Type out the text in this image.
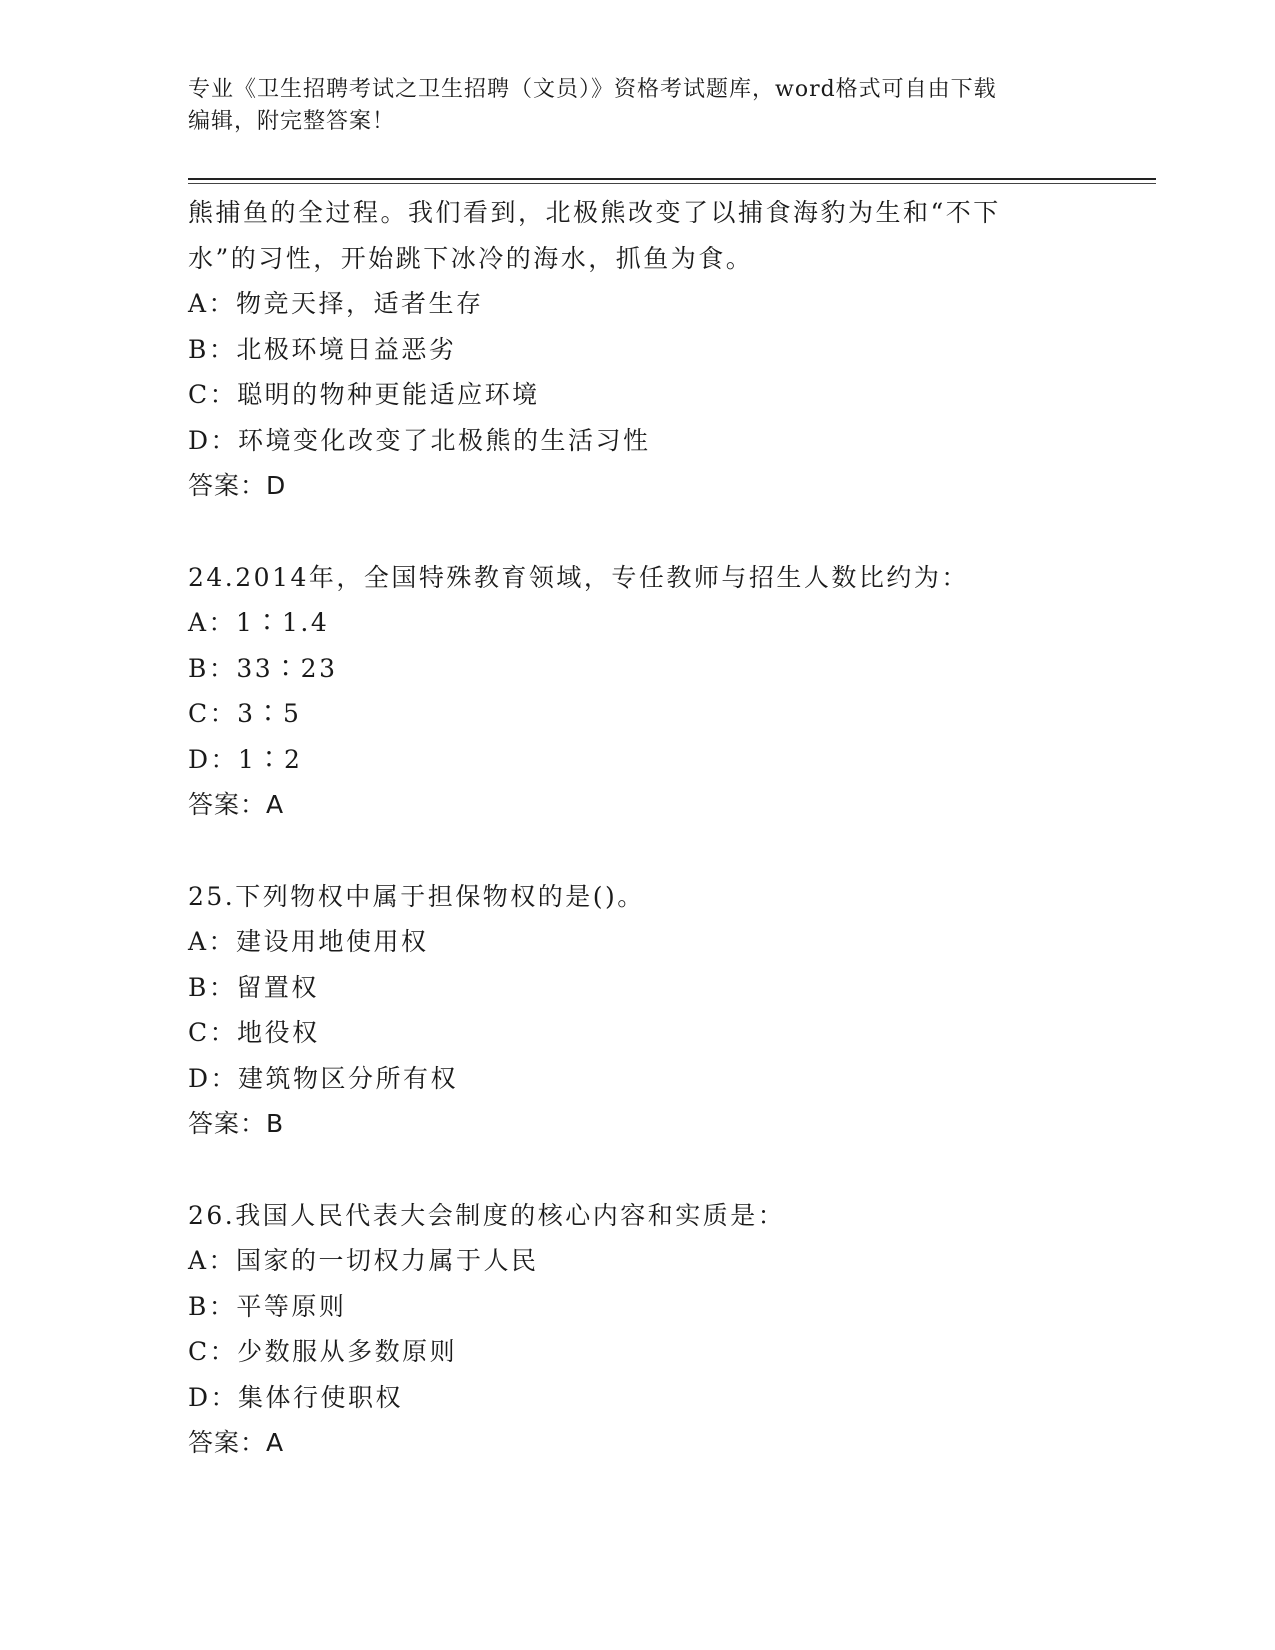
专业《卫生招聘考试之卫生招聘（文员）》资格考试题库，word格式可自由下载
编辑，附完整答案！
熊捕鱼的全过程。我们看到，北极熊改变了以捕食海豹为生和“不下
水”的习性，开始跳下冰冷的海水，抓鱼为食。
A：物竞天择，适者生存
B：北极环境日益恶劣
C：聪明的物种更能适应环境
D：环境变化改变了北极熊的生活习性
答案：D
24.2014年，全国特殊教育领域，专任教师与招生人数比约为：
A：1∶1.4
B：33∶23
C：3∶5
D：1∶2
答案：A
25.下列物权中属于担保物权的是()。
A：建设用地使用权
B：留置权
C：地役权
D：建筑物区分所有权
答案：B
26.我国人民代表大会制度的核心内容和实质是：
A：国家的一切权力属于人民
B：平等原则
C：少数服从多数原则
D：集体行使职权
答案：A
